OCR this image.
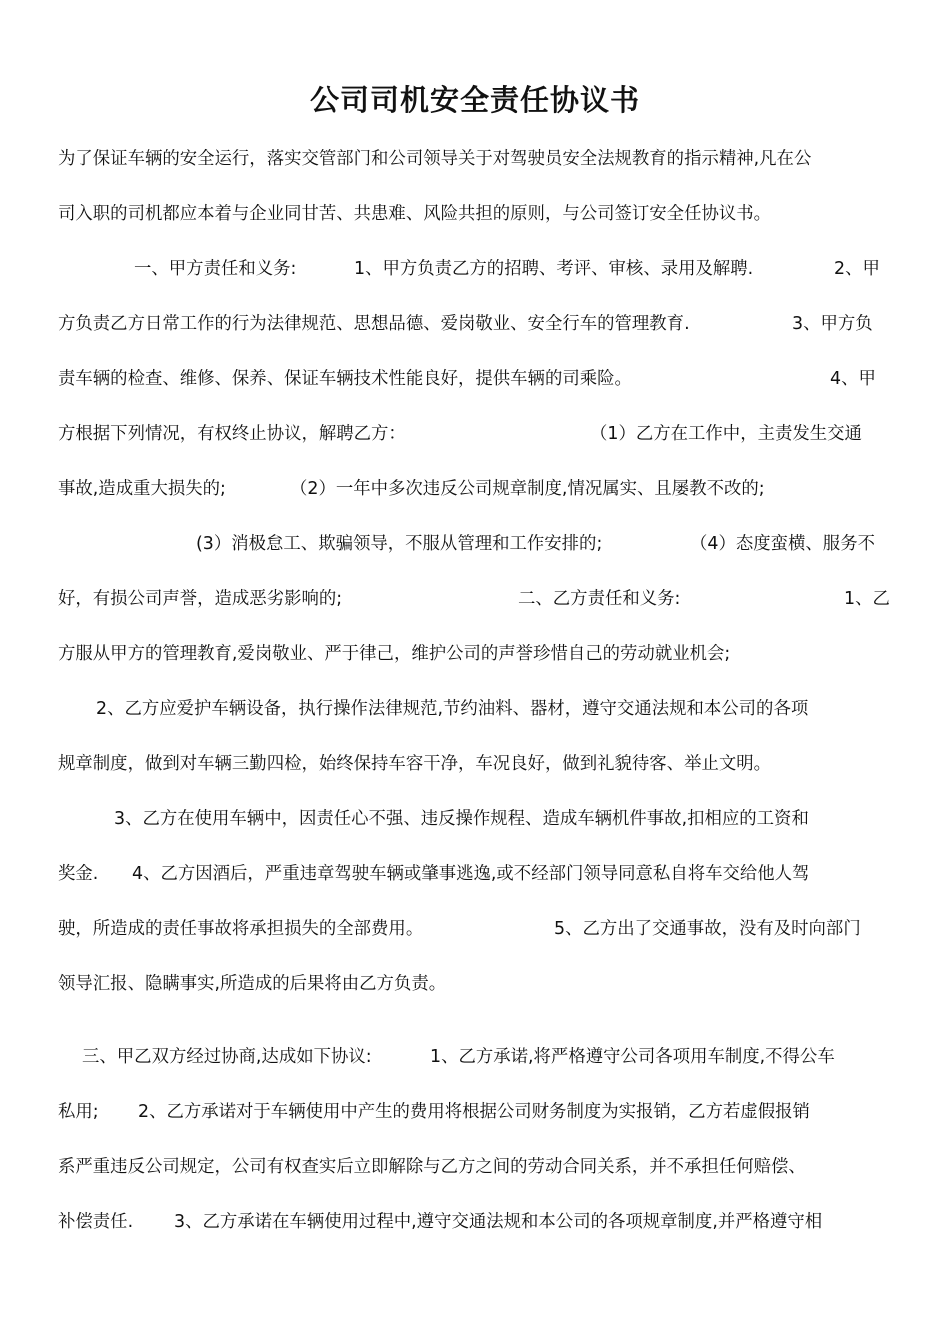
公司司机安全责任协议书
为了保证车辆的安全运行，落实交管部门和公司领导关于对驾驶员安全法规教育的指示精神,凡在公
司入职的司机都应本着与企业同甘苦、共患难、风险共担的原则，与公司签订安全任协议书。
一、甲方责任和义务:	1、甲方负责乙方的招聘、考评、审核、录用及解聘.	2、甲
方负责乙方日常工作的行为法律规范、思想品德、爱岗敬业、安全行车的管理教育.	3、甲方负
责车辆的检查、维修、保养、保证车辆技术性能良好，提供车辆的司乘险。	4、甲
方根据下列情况，有权终止协议，解聘乙方：	（1）乙方在工作中，主责发生交通
事故,造成重大损失的;	（2）一年中多次违反公司规章制度,情况属实、且屡教不改的;
(3）消极怠工、欺骗领导，不服从管理和工作安排的;	（4）态度蛮横、服务不
好，有损公司声誉，造成恶劣影响的;	二、乙方责任和义务:	1、乙
方服从甲方的管理教育,爱岗敬业、严于律己，维护公司的声誉珍惜自己的劳动就业机会;
2、乙方应爱护车辆设备，执行操作法律规范,节约油料、器材，遵守交通法规和本公司的各项
规章制度，做到对车辆三勤四检，始终保持车容干净，车况良好，做到礼貌待客、举止文明。
3、乙方在使用车辆中，因责任心不强、违反操作规程、造成车辆机件事故,扣相应的工资和
奖金. 4、乙方因酒后，严重违章驾驶车辆或肇事逃逸,或不经部门领导同意私自将车交给他人驾
驶，所造成的责任事故将承担损失的全部费用。	5、乙方出了交通事故，没有及时向部门
领导汇报、隐瞒事实,所造成的后果将由乙方负责。
三、甲乙双方经过协商,达成如下协议:	1、乙方承诺,将严格遵守公司各项用车制度,不得公车
私用; 2、乙方承诺对于车辆使用中产生的费用将根据公司财务制度为实报销，乙方若虚假报销
系严重违反公司规定，公司有权查实后立即解除与乙方之间的劳动合同关系，并不承担任何赔偿、
补偿责任. 3、乙方承诺在车辆使用过程中,遵守交通法规和本公司的各项规章制度,并严格遵守相
